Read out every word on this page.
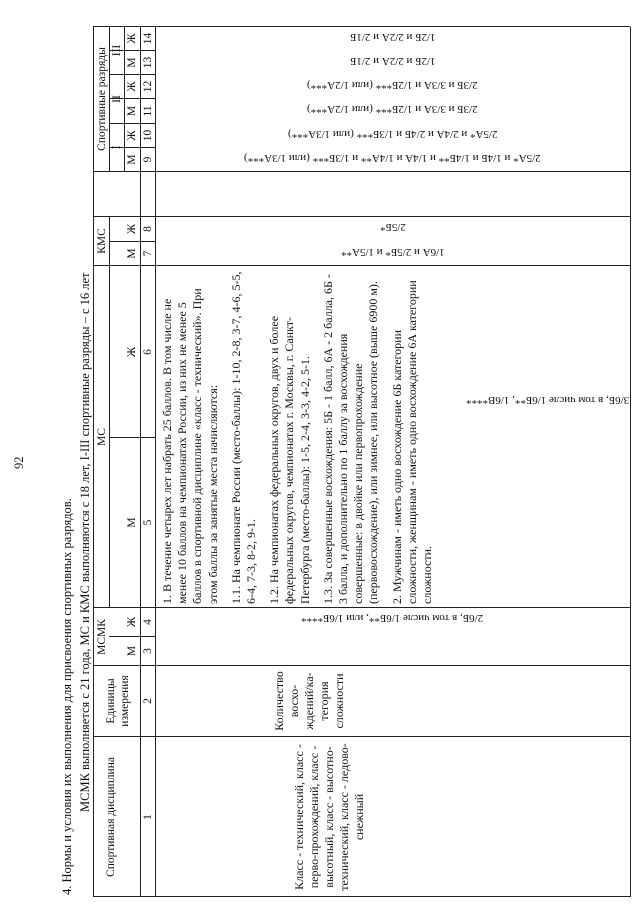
92
4. Нормы и условия их выполнения для присвоения спортивных разрядов. МСМК выполняется с 21 года, МС и КМС выполняются с 18 лет, I-III спортивные разряды – с 16 лет
Спортивная дисциплина
Единицы измерения
МСМК
МС
КМС
Спортивные разряды I
II
III
М
Ж
М
Ж
М
Ж
М
Ж
М
Ж
М
Ж
1
2
3
4
5
6
7
8
9
10
11
12
13
14
Класс - технический, класс - перво-прохождений, класс - высотный, класс - высотно-технический, класс - ледово-снежный
Количество восхо-ждений/ка-тегория сложности
1. В течение четырех лет набрать 25 баллов. В том числе не менее 10 баллов на чемпионатах России, из них не менее 5 баллов в спортивной дисциплине «класс - технический». При этом баллы за занятые места начисляются: 1.1. На чемпионате России (место-баллы): 1-10, 2-8, 3-7, 4-6, 5-5, 6-4, 7-3, 8-2, 9-1. 1.2. На чемпионатах федеральных округов, двух и более федеральных округов, чемпионатах г. Москвы, г. Санкт-Петербурга (место-баллы): 1-5, 2-4, 3-3, 4-2, 5-1. 1.3. За совершенные восхождения: 5Б - 1 балл, 6А - 2 балла, 6Б - 3 балла, и дополнительно по 1 баллу за восхождения совершенные: в двойке или первопрохождение (первовосхождение), или зимнее, или высотное (выше 6900 м). 2. Мужчинам - иметь одно восхождение 6Б категории сложности, женщинам - иметь одно восхождение 6А категории сложности.
3/6Б, в том числе 1/6Б**, 1/6В****
2/6Б, в том числе 1/6Б**, или 1/6Б****
1/6А и 2/5Б* и 1/5А**
2/5Б*
2/5А* и 1/4Б и 1/4Б** и 1/4А и 1/4А** и 1/3Б*** (или 1/3А***)
2/5А* и 2/4А и 2/4Б и 1/3Б*** (или 1/3А***)
2/3Б и 3/3А и 1/2Б*** (или 1/2А***)
2/3Б и 3/3А и 1/2Б*** (или 1/2А***)
1/2Б и 2/2А и 2/1Б
1/2Б и 2/2А и 2/1Б
